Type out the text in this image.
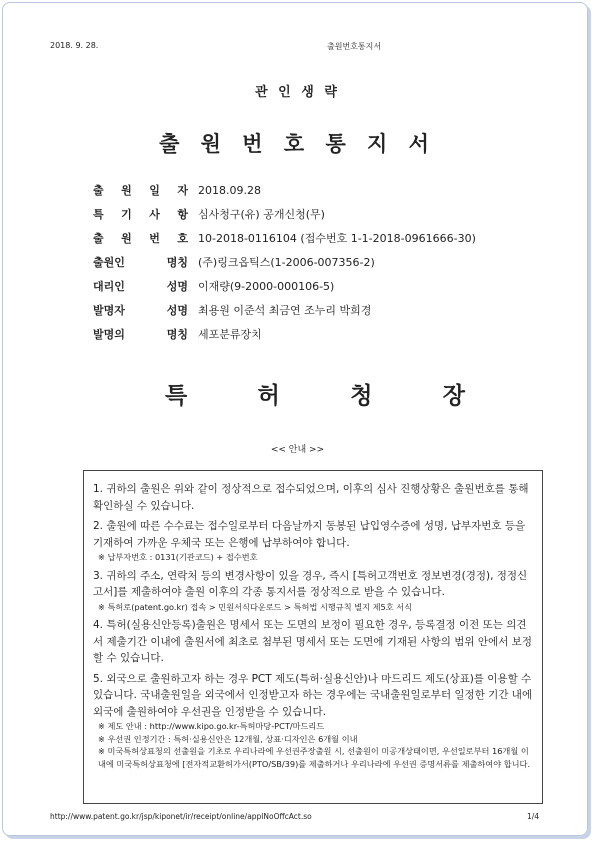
2018. 9. 28.	출원번호통지서
관 인 생 략
출 원 번 호 통 지 서
출 원 일 자 2018.09.28
특 기 사 항 심사청구(유) 공개신청(무)
출 원 번 호 10-2018-0116104 (접수번호 1-1-2018-0961666-30)
출원인 명칭 (주)링크옵틱스(1-2006-007356-2)
대리인 성명 이재량(9-2000-000106-5)
발명자 성명 최용원 이준석 최금연 조누리 박희경
발명의 명칭 세포분류장치
특	허	청	장
<< 안내 >>
1. 귀하의 출원은 위와 같이 정상적으로 접수되었으며, 이후의 심사 진행상황은 출원번호를 통해 확인하실 수 있습니다.
2. 출원에 따른 수수료는 접수일로부터 다음날까지 동봉된 납입영수증에 성명, 납부자번호 등을 기재하여 가까운 우체국 또는 은행에 납부하여야 합니다.
※ 납부자번호 : 0131(기관코드) + 접수번호
3. 귀하의 주소, 연락처 등의 변경사항이 있을 경우, 즉시 [특허고객번호 정보변경(경정), 정정신고서]를 제출하여야 출원 이후의 각종 통지서를 정상적으로 받을 수 있습니다.
※ 특허로(patent.go.kr) 접속 > 민원서식다운로드 > 특허법 시행규칙 별지 제5호 서식
4. 특허(실용신안등록)출원은 명세서 또는 도면의 보정이 필요한 경우, 등록결정 이전 또는 의견서 제출기간 이내에 출원서에 최초로 첨부된 명세서 또는 도면에 기재된 사항의 범위 안에서 보정할 수 있습니다.
5. 외국으로 출원하고자 하는 경우 PCT 제도(특허·실용신안)나 마드리드 제도(상표)를 이용할 수 있습니다. 국내출원일을 외국에서 인정받고자 하는 경우에는 국내출원일로부터 일정한 기간 내에 외국에 출원하여야 우선권을 인정받을 수 있습니다.
※ 제도 안내 : http://www.kipo.go.kr-특허마당-PCT/마드리드
※ 우선권 인정기간 : 특허·실용신안은 12개월, 상표·디자인은 6개월 이내
※ 미국특허상표청의 선출원을 기초로 우리나라에 우선권주장출원 시, 선출원이 미공개상태이면, 우선일로부터 16개월 이내에 미국특허상표청에 [전자적교환허가서(PTO/SB/39)를 제출하거나 우리나라에 우선권 증명서류를 제출하여야 합니다.
http://www.patent.go.kr/jsp/kiponet/ir/receipt/online/applNoOffcAct.so	1/4
